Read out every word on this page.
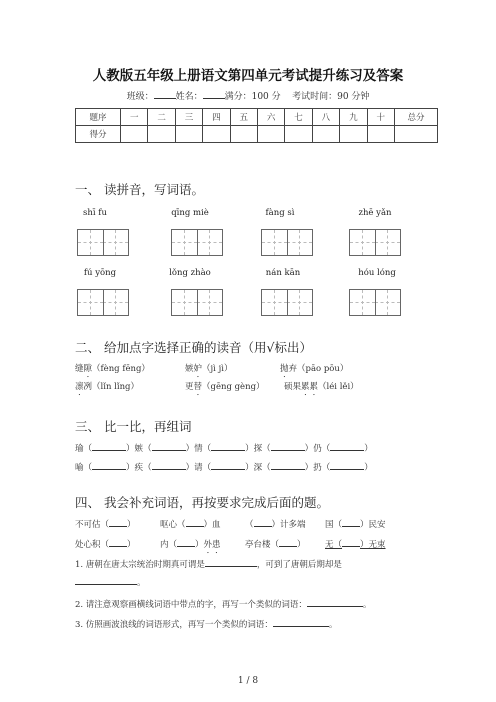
人教版五年级上册语文第四单元考试提升练习及答案
班级： 姓名： 满分：100 分 考试时间：90 分钟
题序	一	二	三	四	五	六	七	八	九	十	总分
得分											
一、 读拼音，写词语。
shī fu	qīng miè	fàng sì	zhē yǎn
fú yōng	lǒng zhào	nán kān	hóu lóng
二、 给加点字选择正确的读音（用√标出）
缝隙（fèng fēng）	嫉妒（jì jì）	抛弃（pāo pōu）
凛冽（lǐn lǐng）	更替（gēng gèng） 硕果累累（léi lěi）
三、 比一比，再组词
瑜（	）嫉（	）情（	）探（	）仍（	）
喻（	）疾（	）请（	）深（	）扔（	）
四、 我会补充词语，再按要求完成后面的题。
不可估（ ）	呕心（ ）血	（ ）计多端 国（ ）民安
处心积（ ）	内（ ）外患	亭台楼（ ） 无（ ）无束
1. 唐朝在唐太宗统治时期真可谓是	，可到了唐朝后期却是
。
2. 请注意观察画横线词语中带点的字，再写一个类似的词语：	。
3. 仿照画波浪线的词语形式，再写一个类似的词语：	。
1 / 8
